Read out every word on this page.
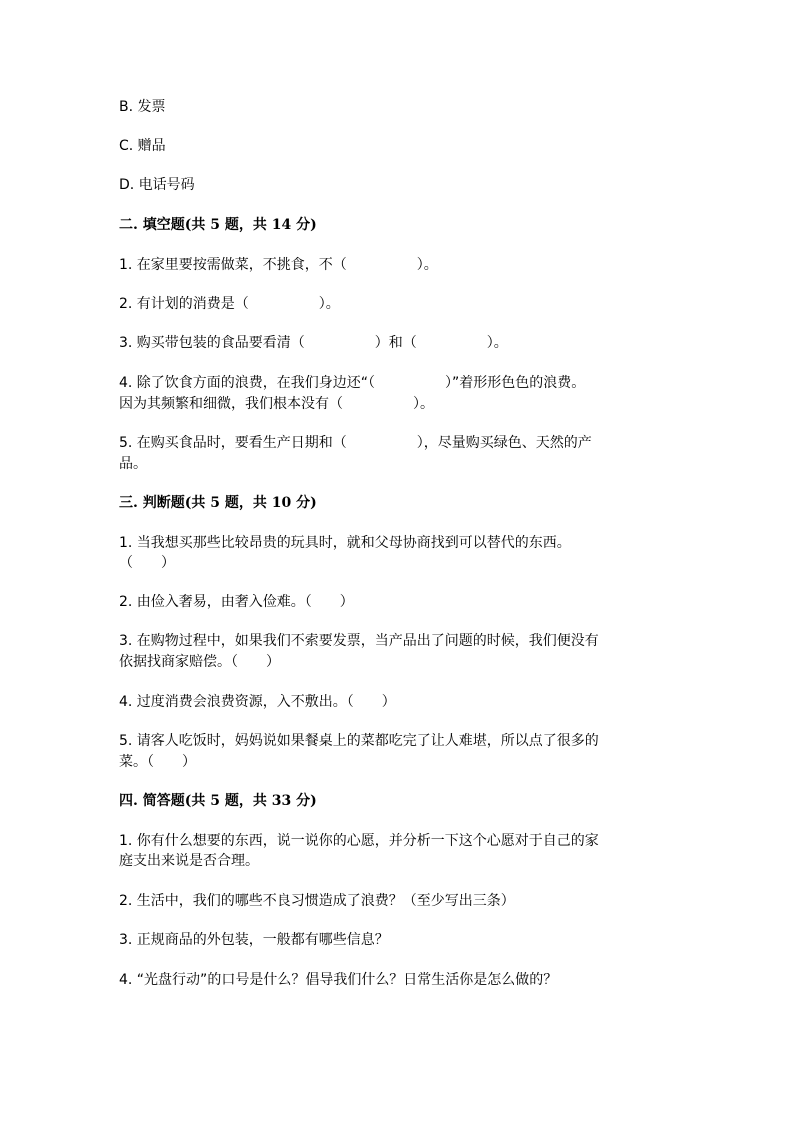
B. 发票

C. 赠品

D. 电话号码

二. 填空题(共 5 题，共 14 分)

1. 在家里要按需做菜，不挑食，不（　　　　　）。

2. 有计划的消费是（　　　　　）。

3. 购买带包装的食品要看清（　　　　　）和（　　　　　）。

4. 除了饮食方面的浪费，在我们身边还“（　　　　　）”着形形色色的浪费。

因为其频繁和细微，我们根本没有（　　　　　）。

5. 在购买食品时，要看生产日期和（　　　　　），尽量购买绿色、天然的产

品。

三. 判断题(共 5 题，共 10 分)

1. 当我想买那些比较昂贵的玩具时，就和父母协商找到可以替代的东西。

（　　）

2. 由俭入奢易，由奢入俭难。（　　）

3. 在购物过程中，如果我们不索要发票，当产品出了问题的时候，我们便没有

依据找商家赔偿。（　　）

4. 过度消费会浪费资源，入不敷出。（　　）

5. 请客人吃饭时，妈妈说如果餐桌上的菜都吃完了让人难堪，所以点了很多的

菜。（　　）

四. 简答题(共 5 题，共 33 分)

1. 你有什么想要的东西，说一说你的心愿，并分析一下这个心愿对于自己的家

庭支出来说是否合理。

2. 生活中，我们的哪些不良习惯造成了浪费？（至少写出三条）

3. 正规商品的外包装，一般都有哪些信息？

4. “光盘行动”的口号是什么？倡导我们什么？日常生活你是怎么做的？
